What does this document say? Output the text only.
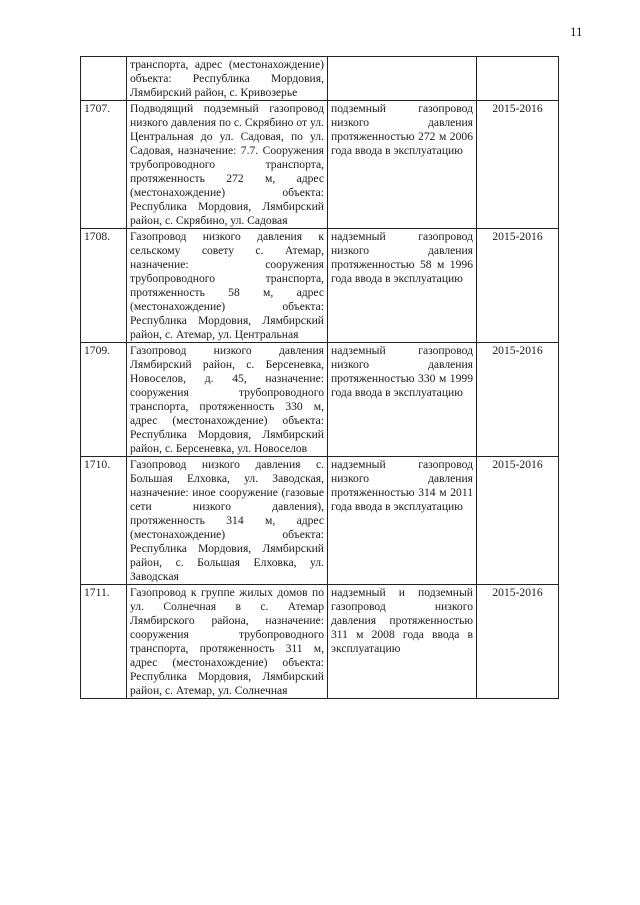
11
	транспорта, адрес (местонахождение) объекта: Республика Мордовия, Лямбирский район, с. Кривозерье		
1707.	Подводящий подземный газопровод низкого давления по с. Скрябино от ул. Центральная до ул. Садовая, по ул. Садовая, назначение: 7.7. Сооружения трубопроводного транспорта, протяженность 272 м, адрес (местонахождение) объекта: Республика Мордовия, Лямбирский район, с. Скрябино, ул. Садовая	подземный газопровод низкого давления протяженностью 272 м 2006 года ввода в эксплуатацию	2015-2016
1708.	Газопровод низкого давления к сельскому совету с. Атемар, назначение: сооружения трубопроводного транспорта, протяженность 58 м, адрес (местонахождение) объекта: Республика Мордовия, Лямбирский район, с. Атемар, ул. Центральная	надземный газопровод низкого давления протяженностью 58 м 1996 года ввода в эксплуатацию	2015-2016
1709.	Газопровод низкого давления Лямбирский район, с. Берсеневка, Новоселов, д. 45, назначение: сооружения трубопроводного транспорта, протяженность 330 м, адрес (местонахождение) объекта: Республика Мордовия, Лямбирский район, с. Берсеневка, ул. Новоселов	надземный газопровод низкого давления протяженностью 330 м 1999 года ввода в эксплуатацию	2015-2016
1710.	Газопровод низкого давления с. Большая Елховка, ул. Заводская, назначение: иное сооружение (газовые сети низкого давления), протяженность 314 м, адрес (местонахождение) объекта: Республика Мордовия, Лямбирский район, с. Большая Елховка, ул. Заводская	надземный газопровод низкого давления протяженностью 314 м 2011 года ввода в эксплуатацию	2015-2016
1711.	Газопровод к группе жилых домов по ул. Солнечная в с. Атемар Лямбирского района, назначение: сооружения трубопроводного транспорта, протяженность 311 м, адрес (местонахождение) объекта: Республика Мордовия, Лямбирский район, с. Атемар, ул. Солнечная	надземный и подземный газопровод низкого давления протяженностью 311 м 2008 года ввода в эксплуатацию	2015-2016
